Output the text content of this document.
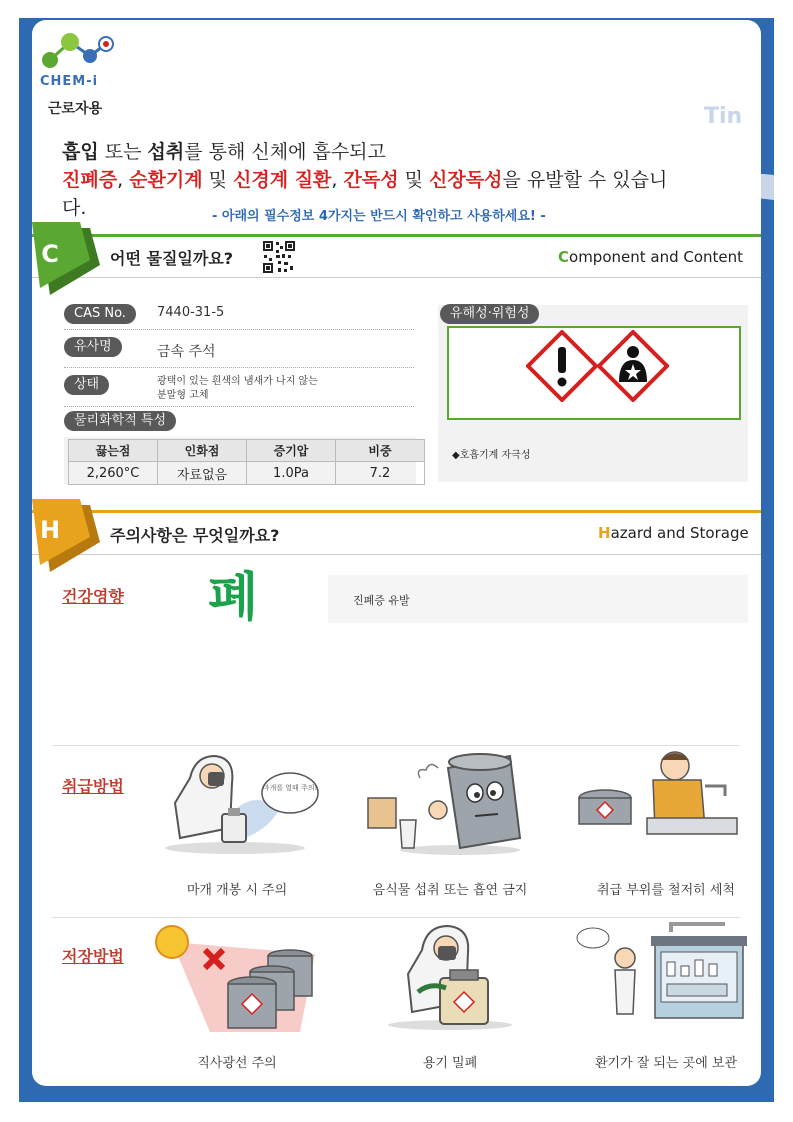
CHEM-i
근로자용
주석
Tin
흡입 또는 섭취를 통해 신체에 흡수되고
진폐증, 순환기계 및 신경계 질환, 간독성 및 신장독성을 유발할 수 있습니
다.	- 아래의 필수정보 4가지는 반드시 확인하고 사용하세요! -
C	어떤 물질일까요?	Component and Content
CAS No.	7440-31-5
유사명	금속 주석
상태	광택이 있는 흰색의 냄새가 나지 않는
분말형 고체
물리화학적 특성
끓는점	인화점	증기압	비중
2,260°C	자료없음	1.0Pa	7.2
유해성·위험성
◆호흡기계 자극성
H	주의사항은 무엇일까요?	Hazard and Storage
건강영향 폐	진폐증 유발
취급방법	마개를 열때 주의!
마개 개봉 시 주의	음식물 섭취 또는 흡연 금지	취급 부위를 철저히 세척
저장방법
직사광선 주의	용기 밀폐	환기가 잘 되는 곳에 보관
